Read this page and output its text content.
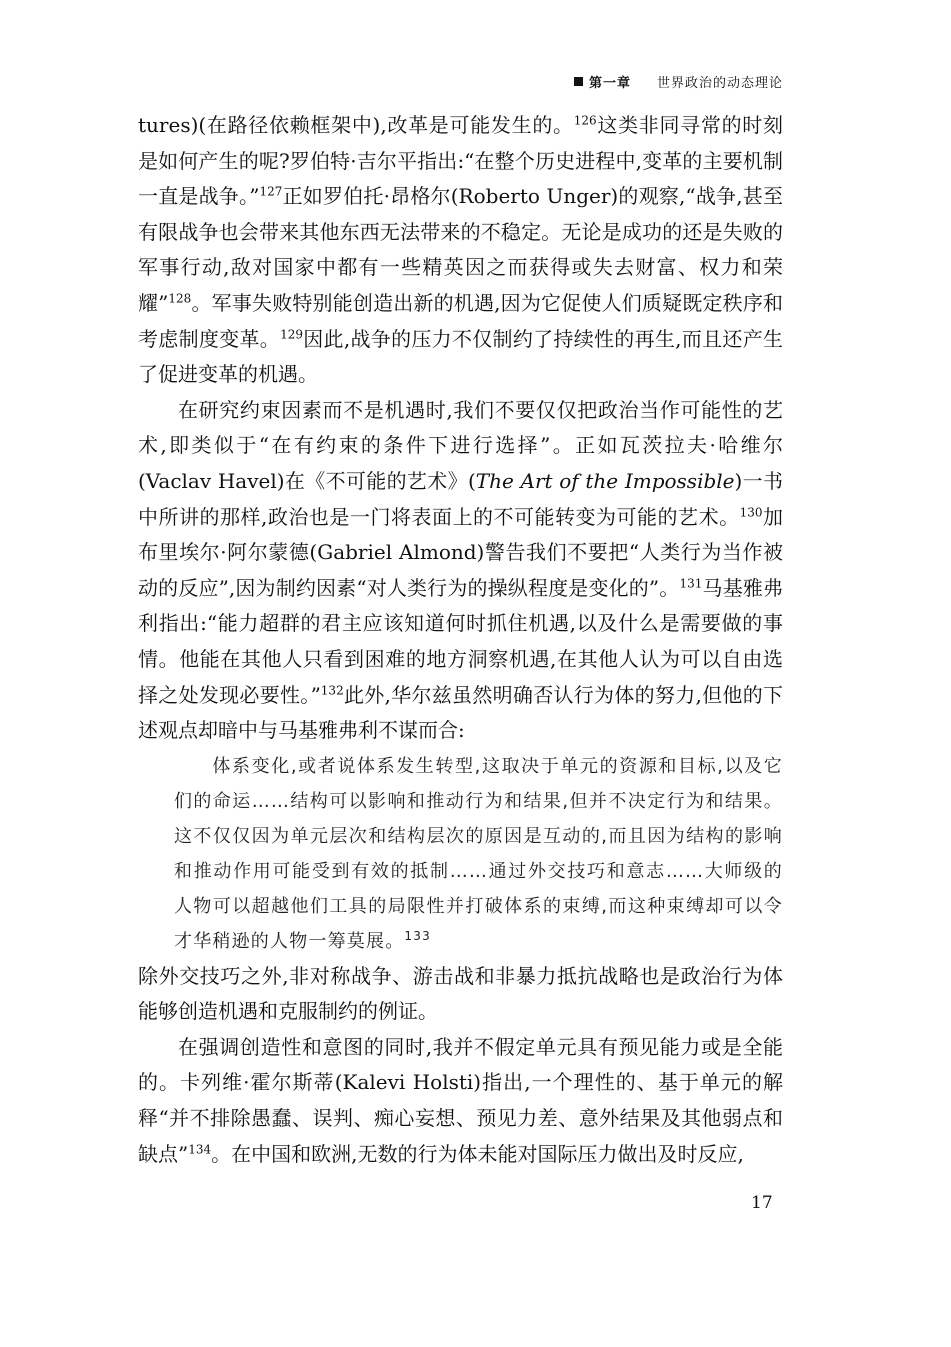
第一章 世界政治的动态理论

tures)(在路径依赖框架中),改革是可能发生的。$^{126}$这类非同寻常的时刻是如何产生的呢?罗伯特·吉尔平指出:“在整个历史进程中,变革的主要机制一直是战争。”$^{127}$正如罗伯托·昂格尔(Roberto Unger)的观察,“战争,甚至有限战争也会带来其他东西无法带来的不稳定。无论是成功的还是失败的军事行动,敌对国家中都有一些精英因之而获得或失去财富、权力和荣耀”$^{128}$。军事失败特别能创造出新的机遇,因为它促使人们质疑既定秩序和考虑制度变革。$^{129}$因此,战争的压力不仅制约了持续性的再生,而且还产生了促进变革的机遇。

在研究约束因素而不是机遇时,我们不要仅仅把政治当作可能性的艺术,即类似于“在有约束的条件下进行选择”。正如瓦茨拉夫·哈维尔(Vaclav Havel)在《不可能的艺术》(The Art of the Impossible)一书中所讲的那样,政治也是一门将表面上的不可能转变为可能的艺术。$^{130}$加布里埃尔·阿尔蒙德(Gabriel Almond)警告我们不要把“人类行为当作被动的反应”,因为制约因素“对人类行为的操纵程度是变化的”。$^{131}$马基雅弗利指出:“能力超群的君主应该知道何时抓住机遇,以及什么是需要做的事情。他能在其他人只看到困难的地方洞察机遇,在其他人认为可以自由选择之处发现必要性。”$^{132}$此外,华尔兹虽然明确否认行为体的努力,但他的下述观点却暗中与马基雅弗利不谋而合:

体系变化,或者说体系发生转型,这取决于单元的资源和目标,以及它们的命运……结构可以影响和推动行为和结果,但并不决定行为和结果。这不仅仅因为单元层次和结构层次的原因是互动的,而且因为结构的影响和推动作用可能受到有效的抵制……通过外交技巧和意志……大师级的人物可以超越他们工具的局限性并打破体系的束缚,而这种束缚却可以令才华稍逊的人物一筹莫展。$^{133}$

除外交技巧之外,非对称战争、游击战和非暴力抵抗战略也是政治行为体能够创造机遇和克服制约的例证。

在强调创造性和意图的同时,我并不假定单元具有预见能力或是全能的。卡列维·霍尔斯蒂(Kalevi Holsti)指出,一个理性的、基于单元的解释“并不排除愚蠢、误判、痴心妄想、预见力差、意外结果及其他弱点和缺点”$^{134}$。在中国和欧洲,无数的行为体未能对国际压力做出及时反应,

17
